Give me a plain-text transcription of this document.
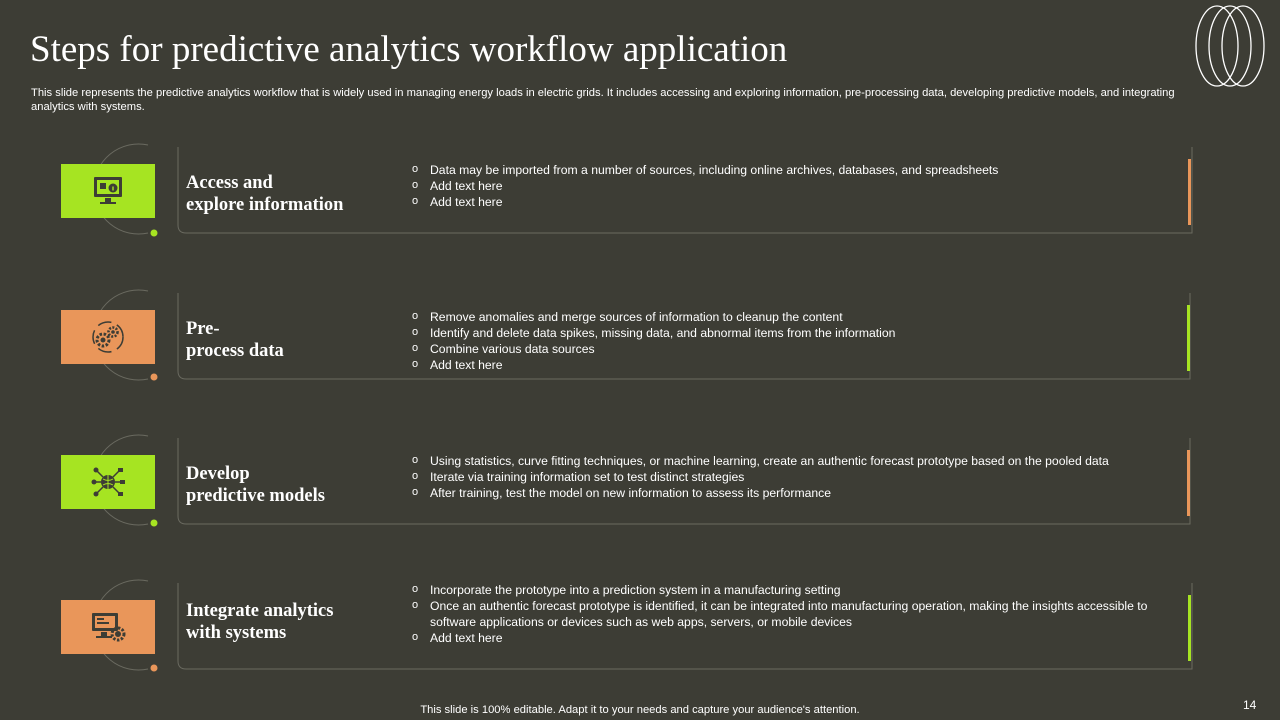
Steps for predictive analytics workflow application
This slide represents the predictive analytics workflow that is widely used in managing energy loads in electric grids. It includes accessing and exploring information, pre-processing data, developing predictive models, and integrating analytics with systems.
Access and
explore information
o Data may be imported from a number of sources, including online archives, databases, and spreadsheets
o Add text here
o Add text here
Pre-
process data
o Remove anomalies and merge sources of information to cleanup the content
o Identify and delete data spikes, missing data, and abnormal items from the information
o Combine various data sources
o Add text here
Develop
predictive models
o Using statistics, curve fitting techniques, or machine learning, create an authentic forecast prototype based on the pooled data
o Iterate via training information set to test distinct strategies
o After training, test the model on new information to assess its performance
Integrate analytics
with systems
o Incorporate the prototype into a prediction system in a manufacturing setting
o Once an authentic forecast prototype is identified, it can be integrated into manufacturing operation, making the insights accessible to software applications or devices such as web apps, servers, or mobile devices
o Add text here
This slide is 100% editable. Adapt it to your needs and capture your audience's attention.	14
